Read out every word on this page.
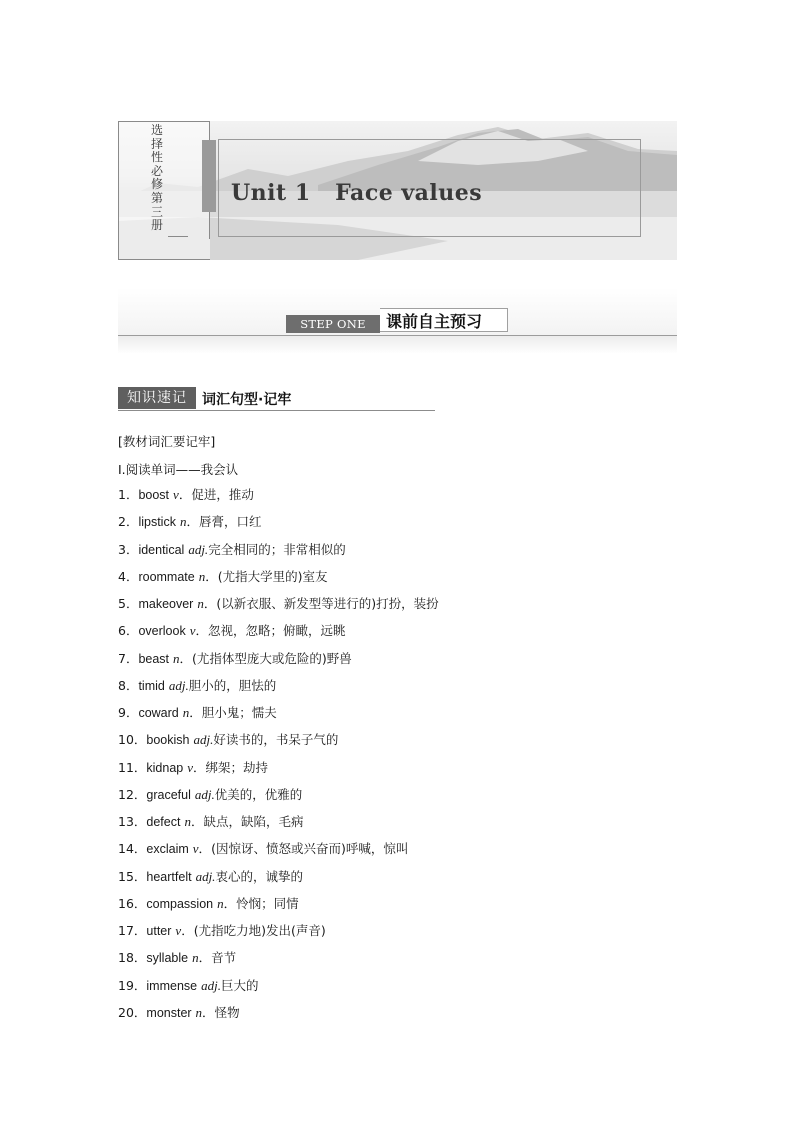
选择性必修第三册
Unit 1   Face values
STEP ONE	课前自主预习
知识速记	词汇句型·记牢
[教材词汇要记牢]
Ⅰ.阅读单词——我会认
1．boost v．促进，推动
2．lipstick n．唇膏，口红
3．identical adj.完全相同的；非常相似的
4．roommate n．(尤指大学里的)室友
5．makeover n．(以新衣服、新发型等进行的)打扮，装扮
6．overlook v．忽视，忽略；俯瞰，远眺
7．beast n．(尤指体型庞大或危险的)野兽
8．timid adj.胆小的，胆怯的
9．coward n．胆小鬼；懦夫
10．bookish adj.好读书的，书呆子气的
11．kidnap v．绑架；劫持
12．graceful adj.优美的，优雅的
13．defect n．缺点，缺陷，毛病
14．exclaim v．(因惊讶、愤怒或兴奋而)呼喊，惊叫
15．heartfelt adj.衷心的，诚挚的
16．compassion n．怜悯；同情
17．utter v．(尤指吃力地)发出(声音)
18．syllable n．音节
19．immense adj.巨大的
20．monster n．怪物
